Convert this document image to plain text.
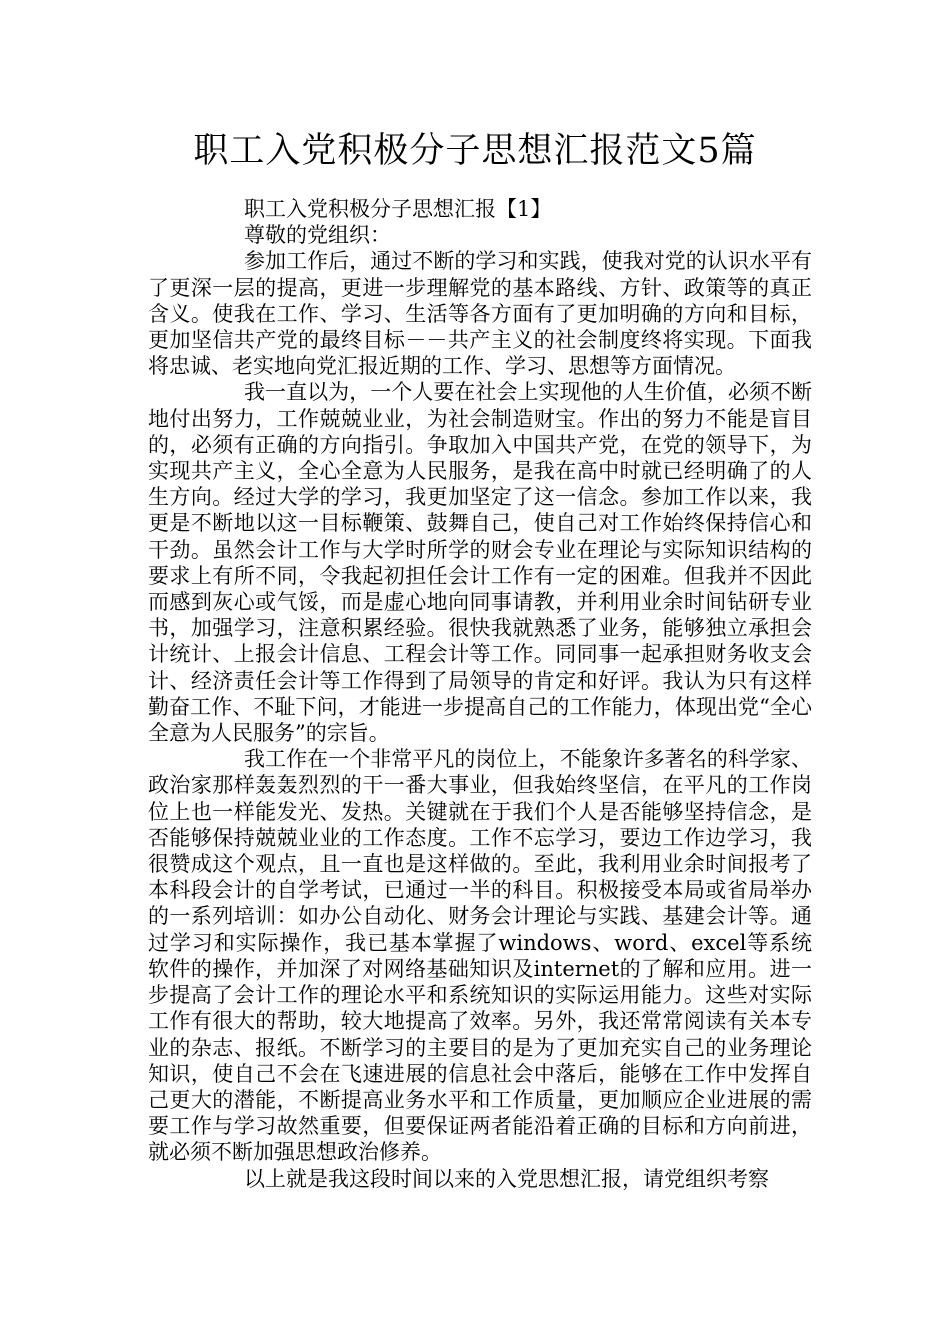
职工入党积极分子思想汇报范文5篇

职工入党积极分子思想汇报【1】

尊敬的党组织：

参加工作后，通过不断的学习和实践，使我对党的认识水平有了更深一层的提高，更进一步理解党的基本路线、方针、政策等的真正含义。使我在工作、学习、生活等各方面有了更加明确的方向和目标，更加坚信共产党的最终目标－－共产主义的社会制度终将实现。下面我将忠诚、老实地向党汇报近期的工作、学习、思想等方面情况。

我一直以为，一个人要在社会上实现他的人生价值，必须不断地付出努力，工作兢兢业业，为社会制造财宝。作出的努力不能是盲目的，必须有正确的方向指引。争取加入中国共产党，在党的领导下，为实现共产主义，全心全意为人民服务，是我在高中时就已经明确了的人生方向。经过大学的学习，我更加坚定了这一信念。参加工作以来，我更是不断地以这一目标鞭策、鼓舞自己，使自己对工作始终保持信心和干劲。虽然会计工作与大学时所学的财会专业在理论与实际知识结构的要求上有所不同，令我起初担任会计工作有一定的困难。但我并不因此而感到灰心或气馁，而是虚心地向同事请教，并利用业余时间钻研专业书，加强学习，注意积累经验。很快我就熟悉了业务，能够独立承担会计统计、上报会计信息、工程会计等工作。同同事一起承担财务收支会计、经济责任会计等工作得到了局领导的肯定和好评。我认为只有这样勤奋工作、不耻下问，才能进一步提高自己的工作能力，体现出党“全心全意为人民服务”的宗旨。

我工作在一个非常平凡的岗位上，不能象许多著名的科学家、政治家那样轰轰烈烈的干一番大事业，但我始终坚信，在平凡的工作岗位上也一样能发光、发热。关键就在于我们个人是否能够坚持信念，是否能够保持兢兢业业的工作态度。工作不忘学习，要边工作边学习，我很赞成这个观点，且一直也是这样做的。至此，我利用业余时间报考了本科段会计的自学考试，已通过一半的科目。积极接受本局或省局举办的一系列培训：如办公自动化、财务会计理论与实践、基建会计等。通过学习和实际操作，我已基本掌握了windows、word、excel等系统软件的操作，并加深了对网络基础知识及internet的了解和应用。进一步提高了会计工作的理论水平和系统知识的实际运用能力。这些对实际工作有很大的帮助，较大地提高了效率。另外，我还常常阅读有关本专业的杂志、报纸。不断学习的主要目的是为了更加充实自己的业务理论知识，使自己不会在飞速进展的信息社会中落后，能够在工作中发挥自己更大的潜能，不断提高业务水平和工作质量，更加顺应企业进展的需要工作与学习故然重要，但要保证两者能沿着正确的目标和方向前进，就必须不断加强思想政治修养。

以上就是我这段时间以来的入党思想汇报，请党组织考察
